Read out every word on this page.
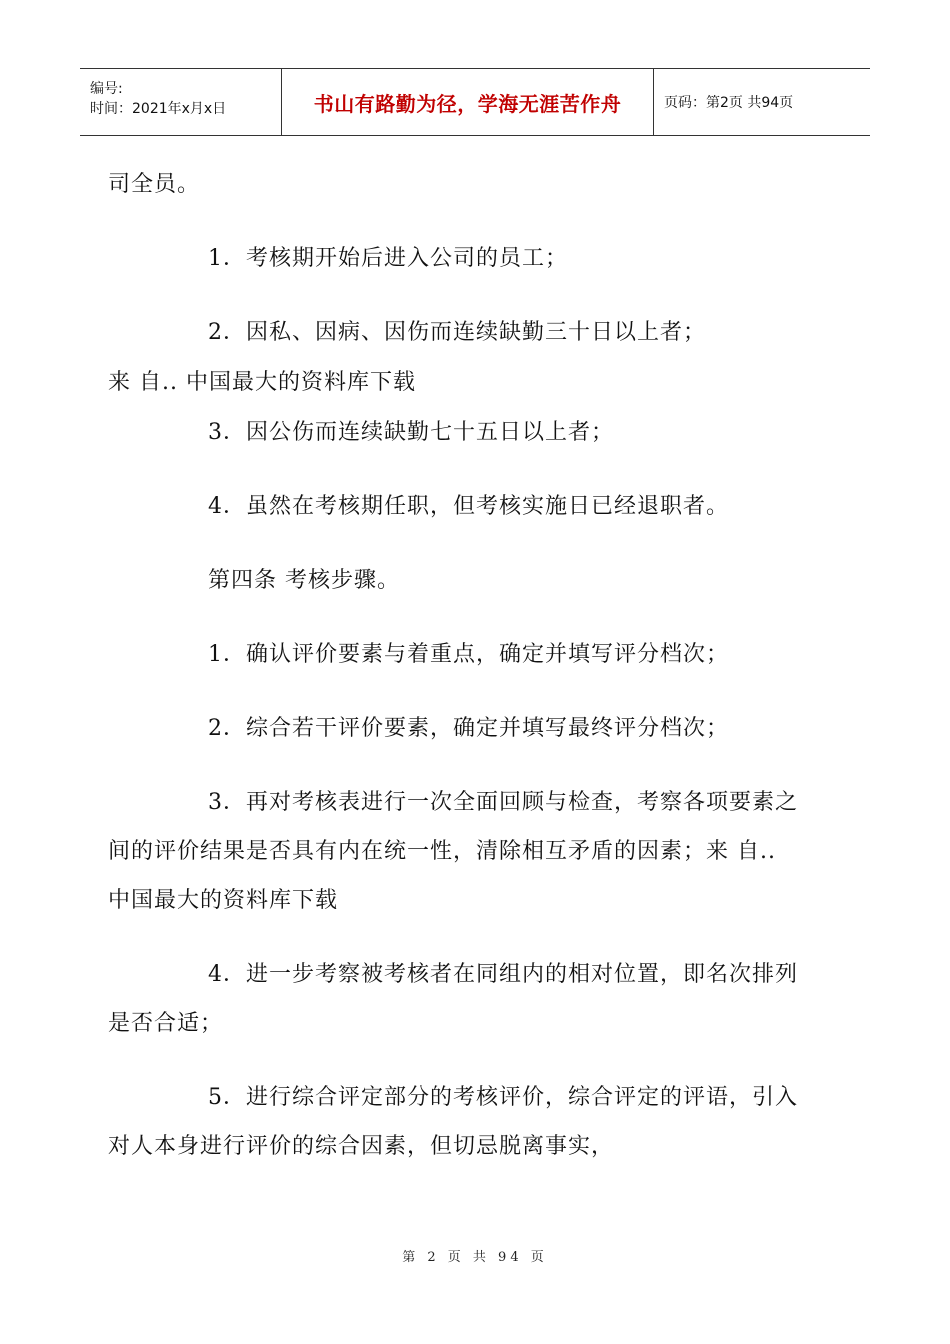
编号:
时间：2021年x月x日	书山有路勤为径，学海无涯苦作舟	页码：第2页 共94页

司全员。

1．考核期开始后进入公司的员工；

2．因私、因病、因伤而连续缺勤三十日以上者；

来 自.. 中国最大的资料库下载

3．因公伤而连续缺勤七十五日以上者；

4．虽然在考核期任职，但考核实施日已经退职者。

第四条 考核步骤。

1．确认评价要素与着重点，确定并填写评分档次；

2．综合若干评价要素，确定并填写最终评分档次；

3．再对考核表进行一次全面回顾与检查，考察各项要素之间的评价结果是否具有内在统一性，清除相互矛盾的因素；来 自.. 中国最大的资料库下载

4．进一步考察被考核者在同组内的相对位置，即名次排列是否合适；

5．进行综合评定部分的考核评价，综合评定的评语，引入对人本身进行评价的综合因素，但切忌脱离事实，

第 2 页 共 94 页
